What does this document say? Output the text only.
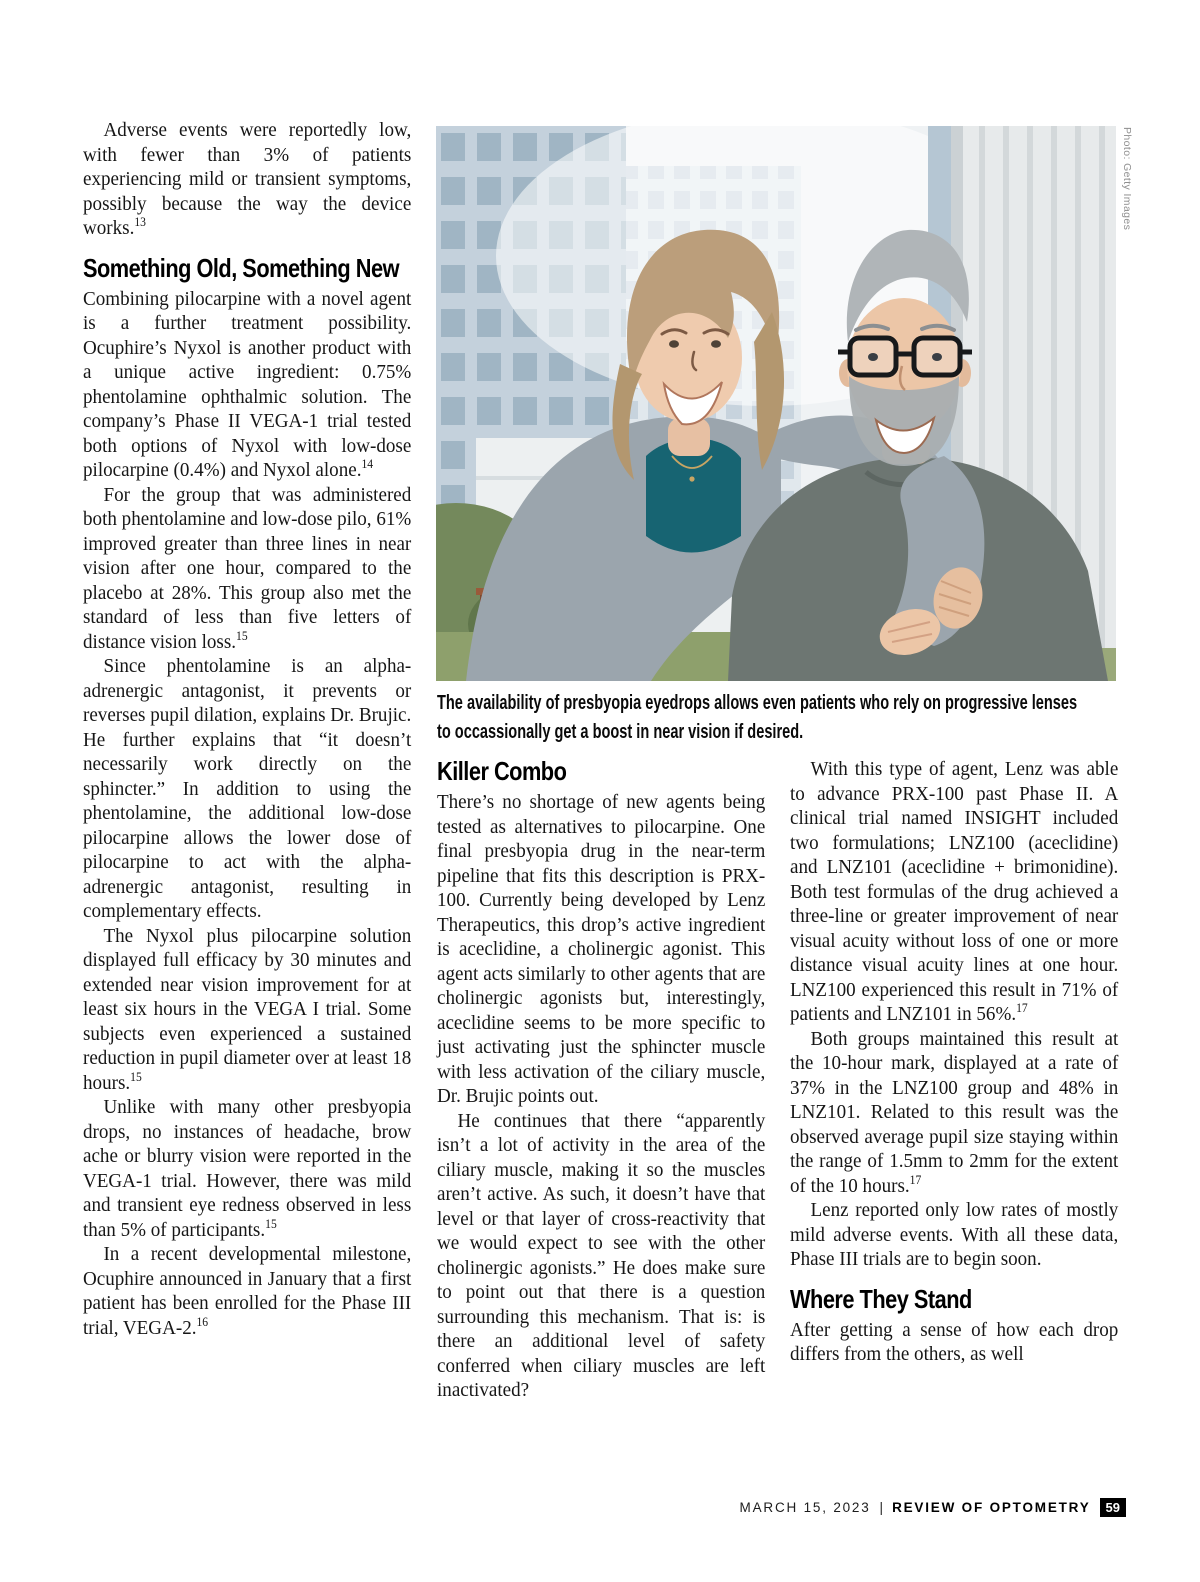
Adverse events were reportedly low, with fewer than 3% of patients experiencing mild or transient symptoms, possibly because the way the device works.$^{13}$

Something Old, Something New

Combining pilocarpine with a novel agent is a further treatment possibility. Ocuphire’s Nyxol is another product with a unique active ingredient: 0.75% phentolamine ophthalmic solution. The company’s Phase II VEGA-1 trial tested both options of Nyxol with low-dose pilocarpine (0.4%) and Nyxol alone.$^{14}$

For the group that was administered both phentolamine and low-dose pilo, 61% improved greater than three lines in near vision after one hour, compared to the placebo at 28%. This group also met the standard of less than five letters of distance vision loss.$^{15}$

Since phentolamine is an alpha-adrenergic antagonist, it prevents or reverses pupil dilation, explains Dr. Brujic. He further explains that “it doesn’t necessarily work directly on the sphincter.” In addition to using the phentolamine, the additional low-dose pilocarpine allows the lower dose of pilocarpine to act with the alpha-adrenergic antagonist, resulting in complementary effects.

The Nyxol plus pilocarpine solution displayed full efficacy by 30 minutes and extended near vision improvement for at least six hours in the VEGA I trial. Some subjects even experienced a sustained reduction in pupil diameter over at least 18 hours.$^{15}$

Unlike with many other presbyopia drops, no instances of headache, brow ache or blurry vision were reported in the VEGA-1 trial. However, there was mild and transient eye redness observed in less than 5% of participants.$^{15}$

In a recent developmental milestone, Ocuphire announced in January that a first patient has been enrolled for the Phase III trial, VEGA-2.16

Photo: Getty Images

The availability of presbyopia eyedrops allows even patients who rely on progressive lenses to occassionally get a boost in near vision if desired.

Killer Combo

There’s no shortage of new agents being tested as alternatives to pilocarpine. One final presbyopia drug in the near-term pipeline that fits this description is PRX-100. Currently being developed by Lenz Therapeutics, this drop’s active ingredient is aceclidine, a cholinergic agonist. This agent acts similarly to other agents that are cholinergic agonists but, interestingly, aceclidine seems to be more specific to just activating just the sphincter muscle with less activation of the ciliary muscle, Dr. Brujic points out.

He continues that there “apparently isn’t a lot of activity in the area of the ciliary muscle, making it so the muscles aren’t active. As such, it doesn’t have that level or that layer of cross-reactivity that we would expect to see with the other cholinergic agonists.” He does make sure to point out that there is a question surrounding this mechanism. That is: is there an additional level of safety conferred when ciliary muscles are left inactivated?

With this type of agent, Lenz was able to advance PRX-100 past Phase II. A clinical trial named INSIGHT included two formulations; LNZ100 (aceclidine) and LNZ101 (aceclidine + brimonidine). Both test formulas of the drug achieved a three-line or greater improvement of near visual acuity without loss of one or more distance visual acuity lines at one hour. LNZ100 experienced this result in 71% of patients and LNZ101 in 56%.$^{17}$

Both groups maintained this result at the 10-hour mark, displayed at a rate of 37% in the LNZ100 group and 48% in LNZ101. Related to this result was the observed average pupil size staying within the range of 1.5mm to 2mm for the extent of the 10 hours.$^{17}$

Lenz reported only low rates of mostly mild adverse events. With all these data, Phase III trials are to begin soon.

Where They Stand

After getting a sense of how each drop differs from the others, as well

MARCH 15, 2023 | REVIEW OF OPTOMETRY	59
